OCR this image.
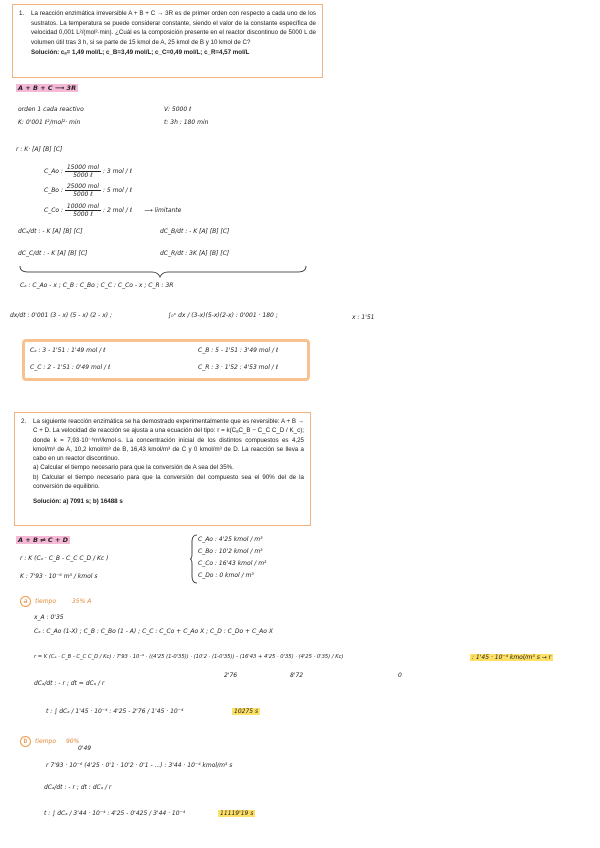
1. La reacción enzimática irreversible A + B + C → 3R es de primer orden con respecto a cada uno de los sustratos. La temperatura se puede considerar constante, siendo el valor de la constante específica de velocidad 0,001 L²/(mol²·min). ¿Cuál es la composición presente en el reactor discontinuo de 5000 L de volumen útil tras 3 h, si se parte de 15 kmol de A, 25 kmol de B y 10 kmol de C?
Solución: cₐ= 1,49 mol/L; c_B=3,49 mol/L; c_C=0,49 mol/L; c_R=4,57 mol/L
A + B + C ⟶ 3R
orden 1 cada reactivo	V: 5000 ℓ
K: 0'001 ℓ²/mol²· min	t: 3h : 180 min
r : K· [A] [B] [C]
C_Ao : $\frac{\text{15000 mol}}{\text{5000 ℓ}}$ : 3 mol / ℓ
C_Bo : $\frac{\text{25000 mol}}{\text{5000 ℓ}}$ : 5 mol / ℓ
C_Co : $\frac{\text{10000 mol}}{\text{5000 ℓ}}$ : 2 mol / ℓ ⟶ limitante
dCₐ/dt : - K [A] [B] [C]	dC_B/dt : - K [A] [B] [C]
dC_C/dt : - K [A] [B] [C]	dC_R/dt : 3K [A] [B] [C]
Cₐ : C_Ao - x ; C_B : C_Bo ; C_C : C_Co - x ; C_R : 3R
dx/dt : 0'001 (3 - x) (5 - x) (2 - x) ;	∫₀ˣ dx / (3-x)(5-x)(2-x) : 0'001 · 180 ;	x : 1'51
Cₐ : 3 - 1'51 : 1'49 mol / ℓ	C_B : 5 - 1'51 : 3'49 mol / ℓ
C_C : 2 - 1'51 : 0'49 mol / ℓ	C_R : 3 · 1'52 : 4'53 mol / ℓ
2. La siguiente reacción enzimática se ha demostrado experimentalmente que es reversible: A + B → C + D. La velocidad de reacción se ajusta a una ecuación del tipo: r = k(CₐC_B − C_C C_D / K_c); donde k = 7,93·10⁻⁶m³/kmol·s. La concentración inicial de los distintos compuestos es 4,25 kmol/m³ de A, 10,2 kmol/m³ de B, 16,43 kmol/m³ de C y 0 kmol/m³ de D. La reacción se lleva a cabo en un reactor discontinuo.
a) Calcular el tiempo necesario para que la conversión de A sea del 35%.
b) Calcular el tiempo necesario para que la conversión del compuesto sea el 90% del de la conversión de equilibrio.
Solución: a) 7091 s; b) 16488 s
A + B ⇌ C + D
r : K (Cₐ · C_B - C_C C_D / Kc )
K : 7'93 · 10⁻⁶ m³ / kmol s
C_Ao : 4'25 kmol / m³
C_Bo : 10'2 kmol / m³
C_Co : 16'43 kmol / m³
C_Do : 0 kmol / m³
a tiempo	35% A
x_A : 0'35
Cₐ : C_Ao (1-X) ; C_B : C_Bo (1 - A) ; C_C : C_Co + C_Ao X ; C_D : C_Do + C_Ao X
r = K (Cₐ · C_B - C_C C_D / Kc) : 7'93 · 10⁻⁶ · ((4'25 (1-0'35)) · (10'2 · (1-0'35)) - (16'43 + 4'25 · 0'35) · (4'25 · 0'35) / Kc)
2'76	8'72	0
: 1'45 · 10⁻⁴ kmol/m³ s → r
dCₐ/dt : - r ; dt = dCₐ / r
t : ∫ dCₐ / 1'45 · 10⁻⁴ : 4'25 - 2'76 / 1'45 · 10⁻⁴	10275 s
b tiempo 90%
0'49
r 7'93 · 10⁻⁶ (4'25 · 0'1 · 10'2 · 0'1 - ...) : 3'44 · 10⁻⁴ kmol/m³ s
dCₐ/dt : - r ; dt : dCₐ / r
t : ∫ dCₐ / 3'44 · 10⁻⁴ : 4'25 - 0'425 / 3'44 · 10⁻⁴	11119'19 s
